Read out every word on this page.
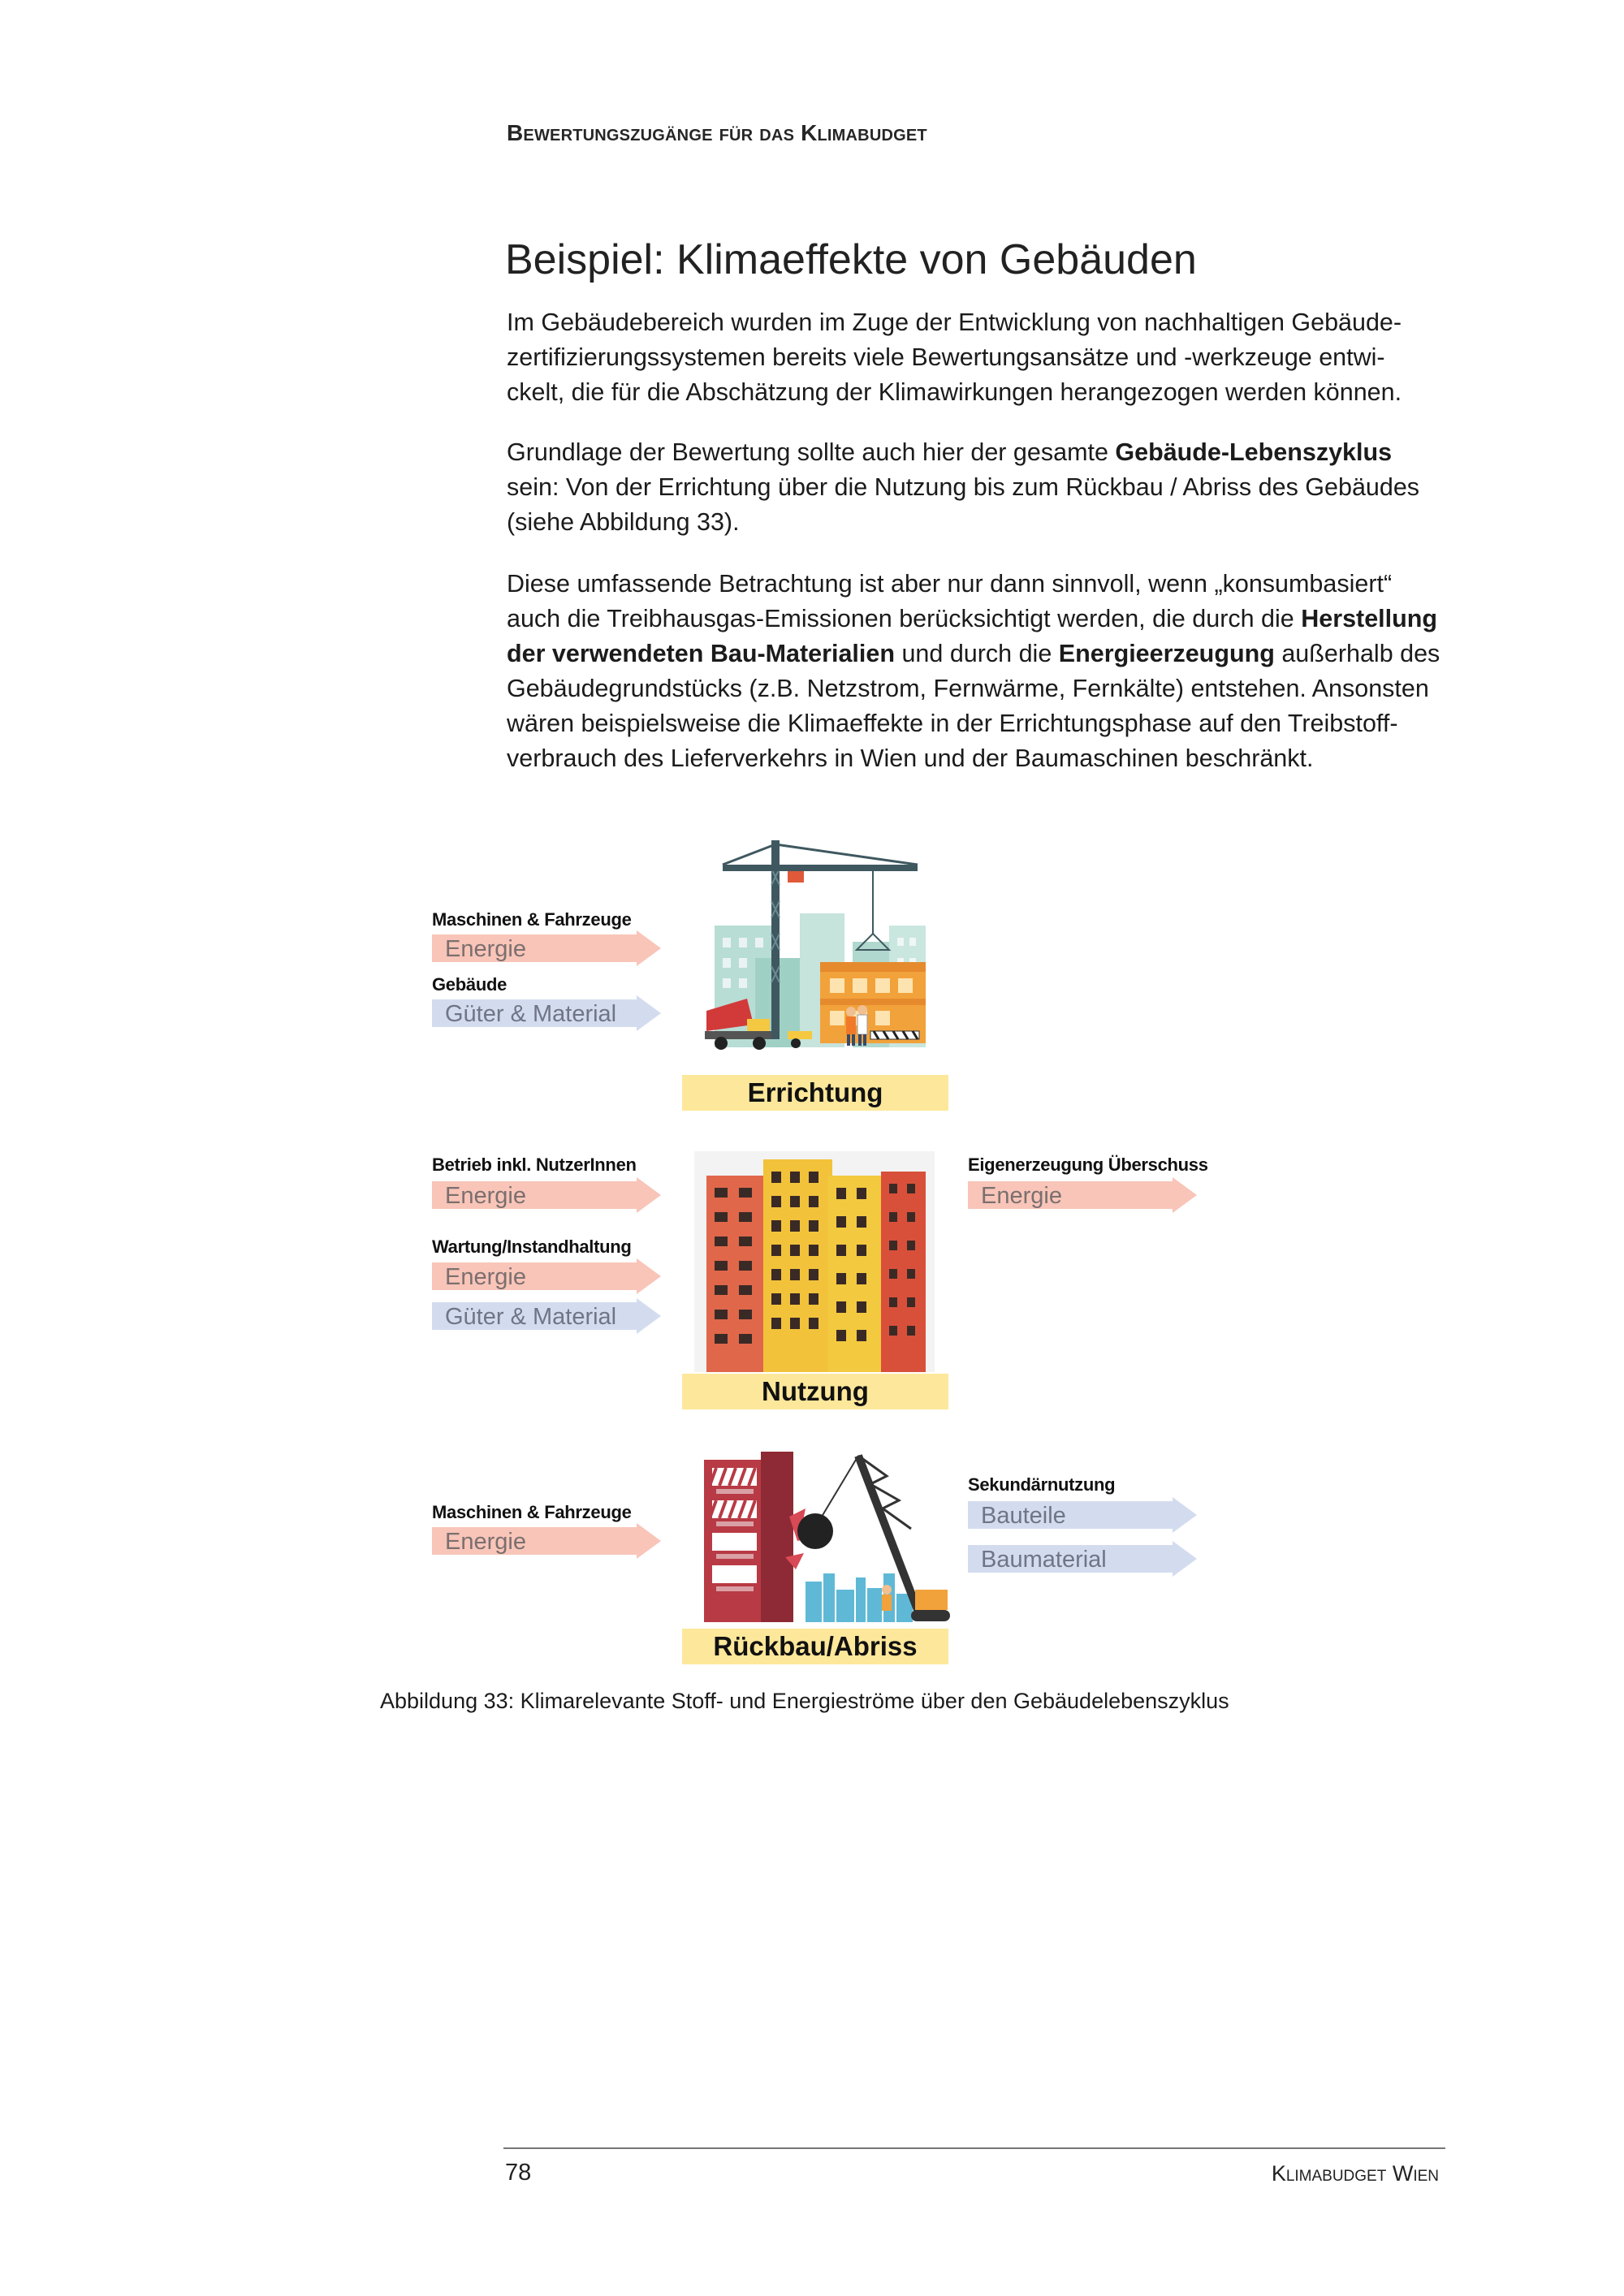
Bewertungszugänge für das Klimabudget
Beispiel: Klimaeffekte von Gebäuden
Im Gebäudebereich wurden im Zuge der Entwicklung von nachhaltigen Gebäude-
zertifizierungssystemen bereits viele Bewertungsansätze und -werkzeuge entwi-
ckelt, die für die Abschätzung der Klimawirkungen herangezogen werden können.
Grundlage der Bewertung sollte auch hier der gesamte Gebäude-Lebenszyklus
sein: Von der Errichtung über die Nutzung bis zum Rückbau / Abriss des Gebäudes
(siehe Abbildung 33).
Diese umfassende Betrachtung ist aber nur dann sinnvoll, wenn „konsumbasiert“
auch die Treibhausgas-Emissionen berücksichtigt werden, die durch die Herstellung
der verwendeten Bau-Materialien und durch die Energieerzeugung außerhalb des
Gebäudegrundstücks (z.B. Netzstrom, Fernwärme, Fernkälte) entstehen. Ansonsten
wären beispielsweise die Klimaeffekte in der Errichtungsphase auf den Treibstoff-
verbrauch des Lieferverkehrs in Wien und der Baumaschinen beschränkt.
Maschinen & Fahrzeuge
Energie
Gebäude
Güter & Material
Errichtung
Betrieb inkl. NutzerInnen
Energie
Wartung/Instandhaltung
Energie
Güter & Material
Eigenerzeugung Überschuss
Energie
Nutzung
Maschinen & Fahrzeuge
Energie
Sekundärnutzung
Bauteile
Baumaterial
Rückbau/Abriss
Abbildung 33: Klimarelevante Stoff- und Energieströme über den Gebäudelebenszyklus
78	Klimabudget Wien
